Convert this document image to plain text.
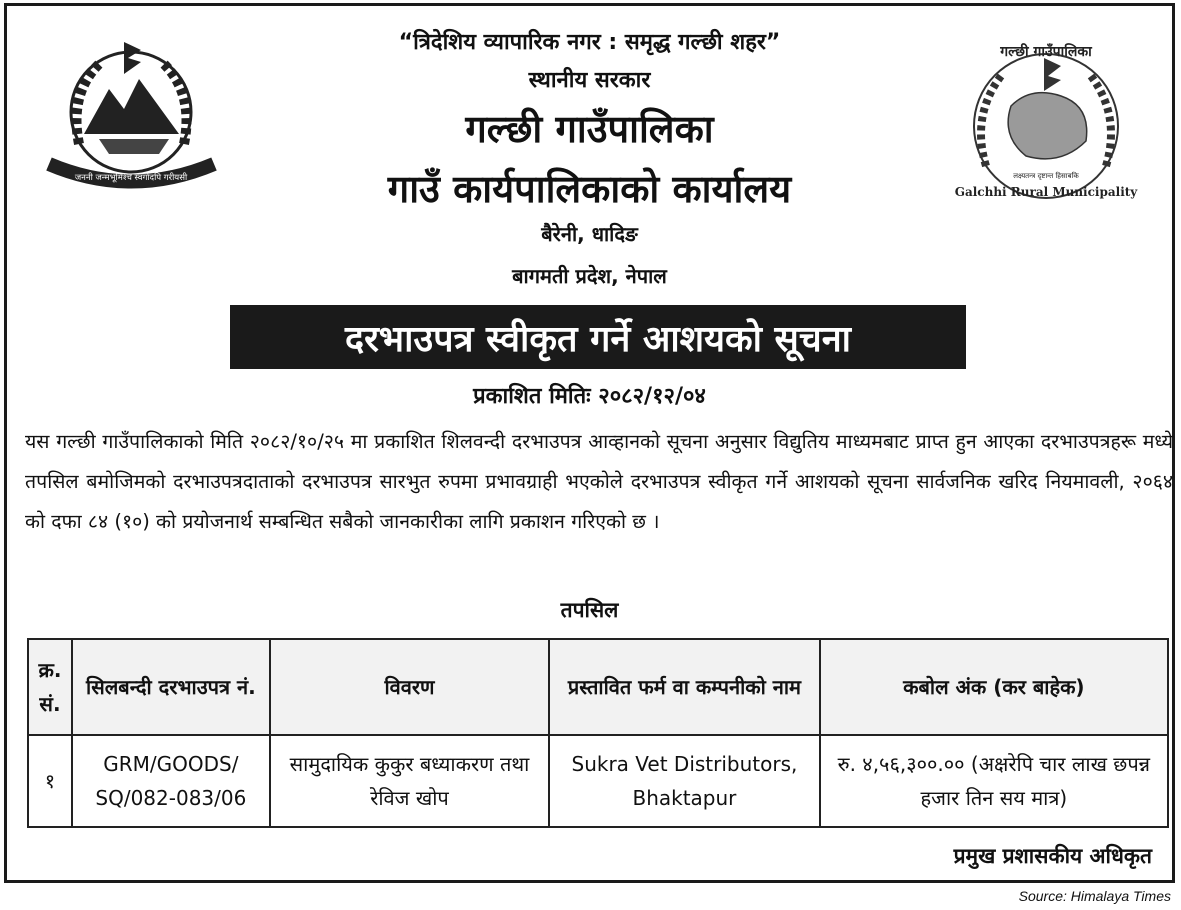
जननी जन्मभूमिश्च स्वर्गादपि गरीयसी
“त्रिदेशिय व्यापारिक नगर : समृद्ध गल्छी शहर”
स्थानीय सरकार
गल्छी गाउँपालिका
गाउँ कार्यपालिकाको कार्यालय
बैरेनी, धादिङ
बागमती प्रदेश, नेपाल
गल्छी गाउँपालिका
Galchhi Rural Municipality
लक्ष्यतन्त्र दृष्टान्त हिसाबकि
दरभाउपत्र स्वीकृत गर्ने आशयको सूचना
प्रकाशित मितिः २०८२/१२/०४
यस गल्छी गाउँपालिकाको मिति २०८२/१०/२५ मा प्रकाशित शिलवन्दी दरभाउपत्र आव्हानको सूचना अनुसार विद्युतिय माध्यमबाट प्राप्त हुन आएका दरभाउपत्रहरू मध्ये तपसिल बमोजिमको दरभाउपत्रदाताको दरभाउपत्र सारभुत रुपमा प्रभावग्राही भएकोले दरभाउपत्र स्वीकृत गर्ने आशयको सूचना सार्वजनिक खरिद नियमावली, २०६४ को दफा ८४ (१०) को प्रयोजनार्थ सम्बन्धित सबैको जानकारीका लागि प्रकाशन गरिएको छ ।
तपसिल
क्र. सं.	सिलबन्दी दरभाउपत्र नं.	विवरण	प्रस्तावित फर्म वा कम्पनीको नाम	कबोल अंक (कर बाहेक)
१	GRM/GOODS/ SQ/082-083/06	सामुदायिक कुकुर बध्याकरण तथा रेविज खोप	Sukra Vet Distributors, Bhaktapur	रु. ४,५६,३००.०० (अक्षरेपि चार लाख छपन्न हजार तिन सय मात्र)
प्रमुख प्रशासकीय अधिकृत
Source: Himalaya Times
